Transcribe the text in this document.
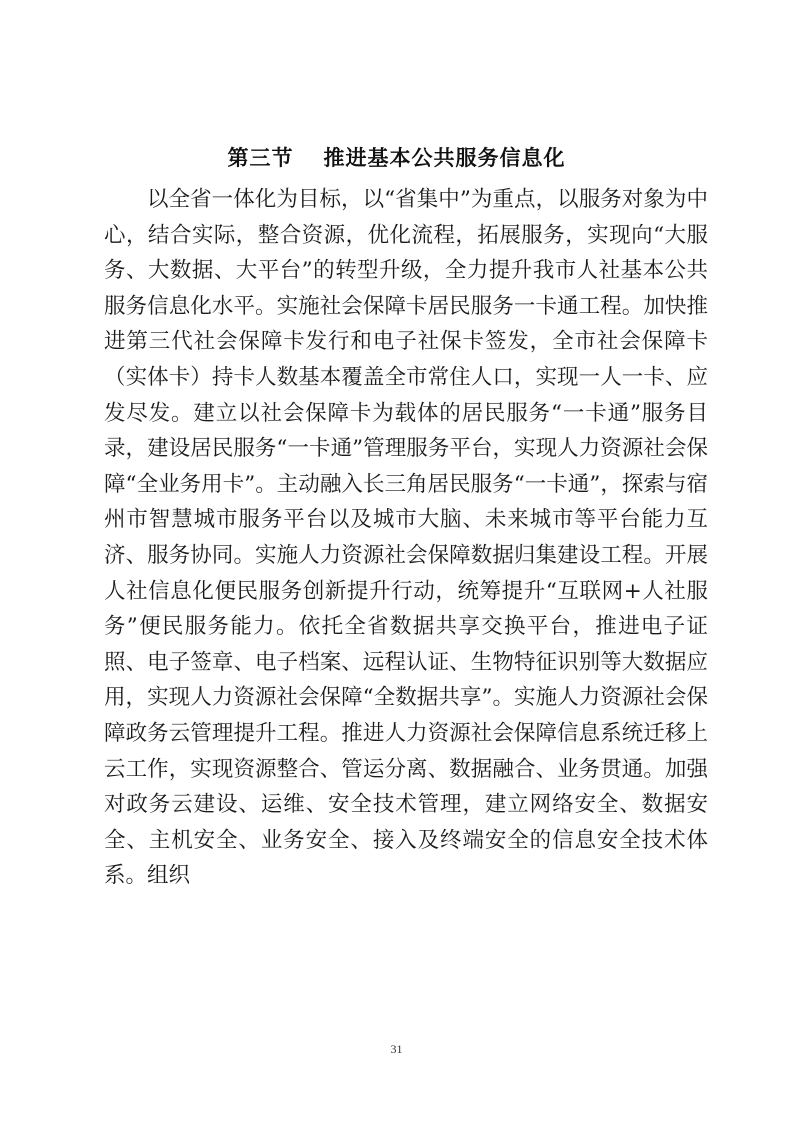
第三节 推进基本公共服务信息化

以全省一体化为目标，以“省集中”为重点，以服务对象为中心，结合实际，整合资源，优化流程，拓展服务，实现向“大服务、大数据、大平台”的转型升级，全力提升我市人社基本公共服务信息化水平。实施社会保障卡居民服务一卡通工程。加快推进第三代社会保障卡发行和电子社保卡签发，全市社会保障卡（实体卡）持卡人数基本覆盖全市常住人口，实现一人一卡、应发尽发。建立以社会保障卡为载体的居民服务“一卡通”服务目录，建设居民服务“一卡通”管理服务平台，实现人力资源社会保障“全业务用卡”。主动融入长三角居民服务“一卡通”，探索与宿州市智慧城市服务平台以及城市大脑、未来城市等平台能力互济、服务协同。实施人力资源社会保障数据归集建设工程。开展人社信息化便民服务创新提升行动，统筹提升“互联网+人社服务”便民服务能力。依托全省数据共享交换平台，推进电子证照、电子签章、电子档案、远程认证、生物特征识别等大数据应用，实现人力资源社会保障“全数据共享”。实施人力资源社会保障政务云管理提升工程。推进人力资源社会保障信息系统迁移上云工作，实现资源整合、管运分离、数据融合、业务贯通。加强对政务云建设、运维、安全技术管理，建立网络安全、数据安全、主机安全、业务安全、接入及终端安全的信息安全技术体系。组织

31
